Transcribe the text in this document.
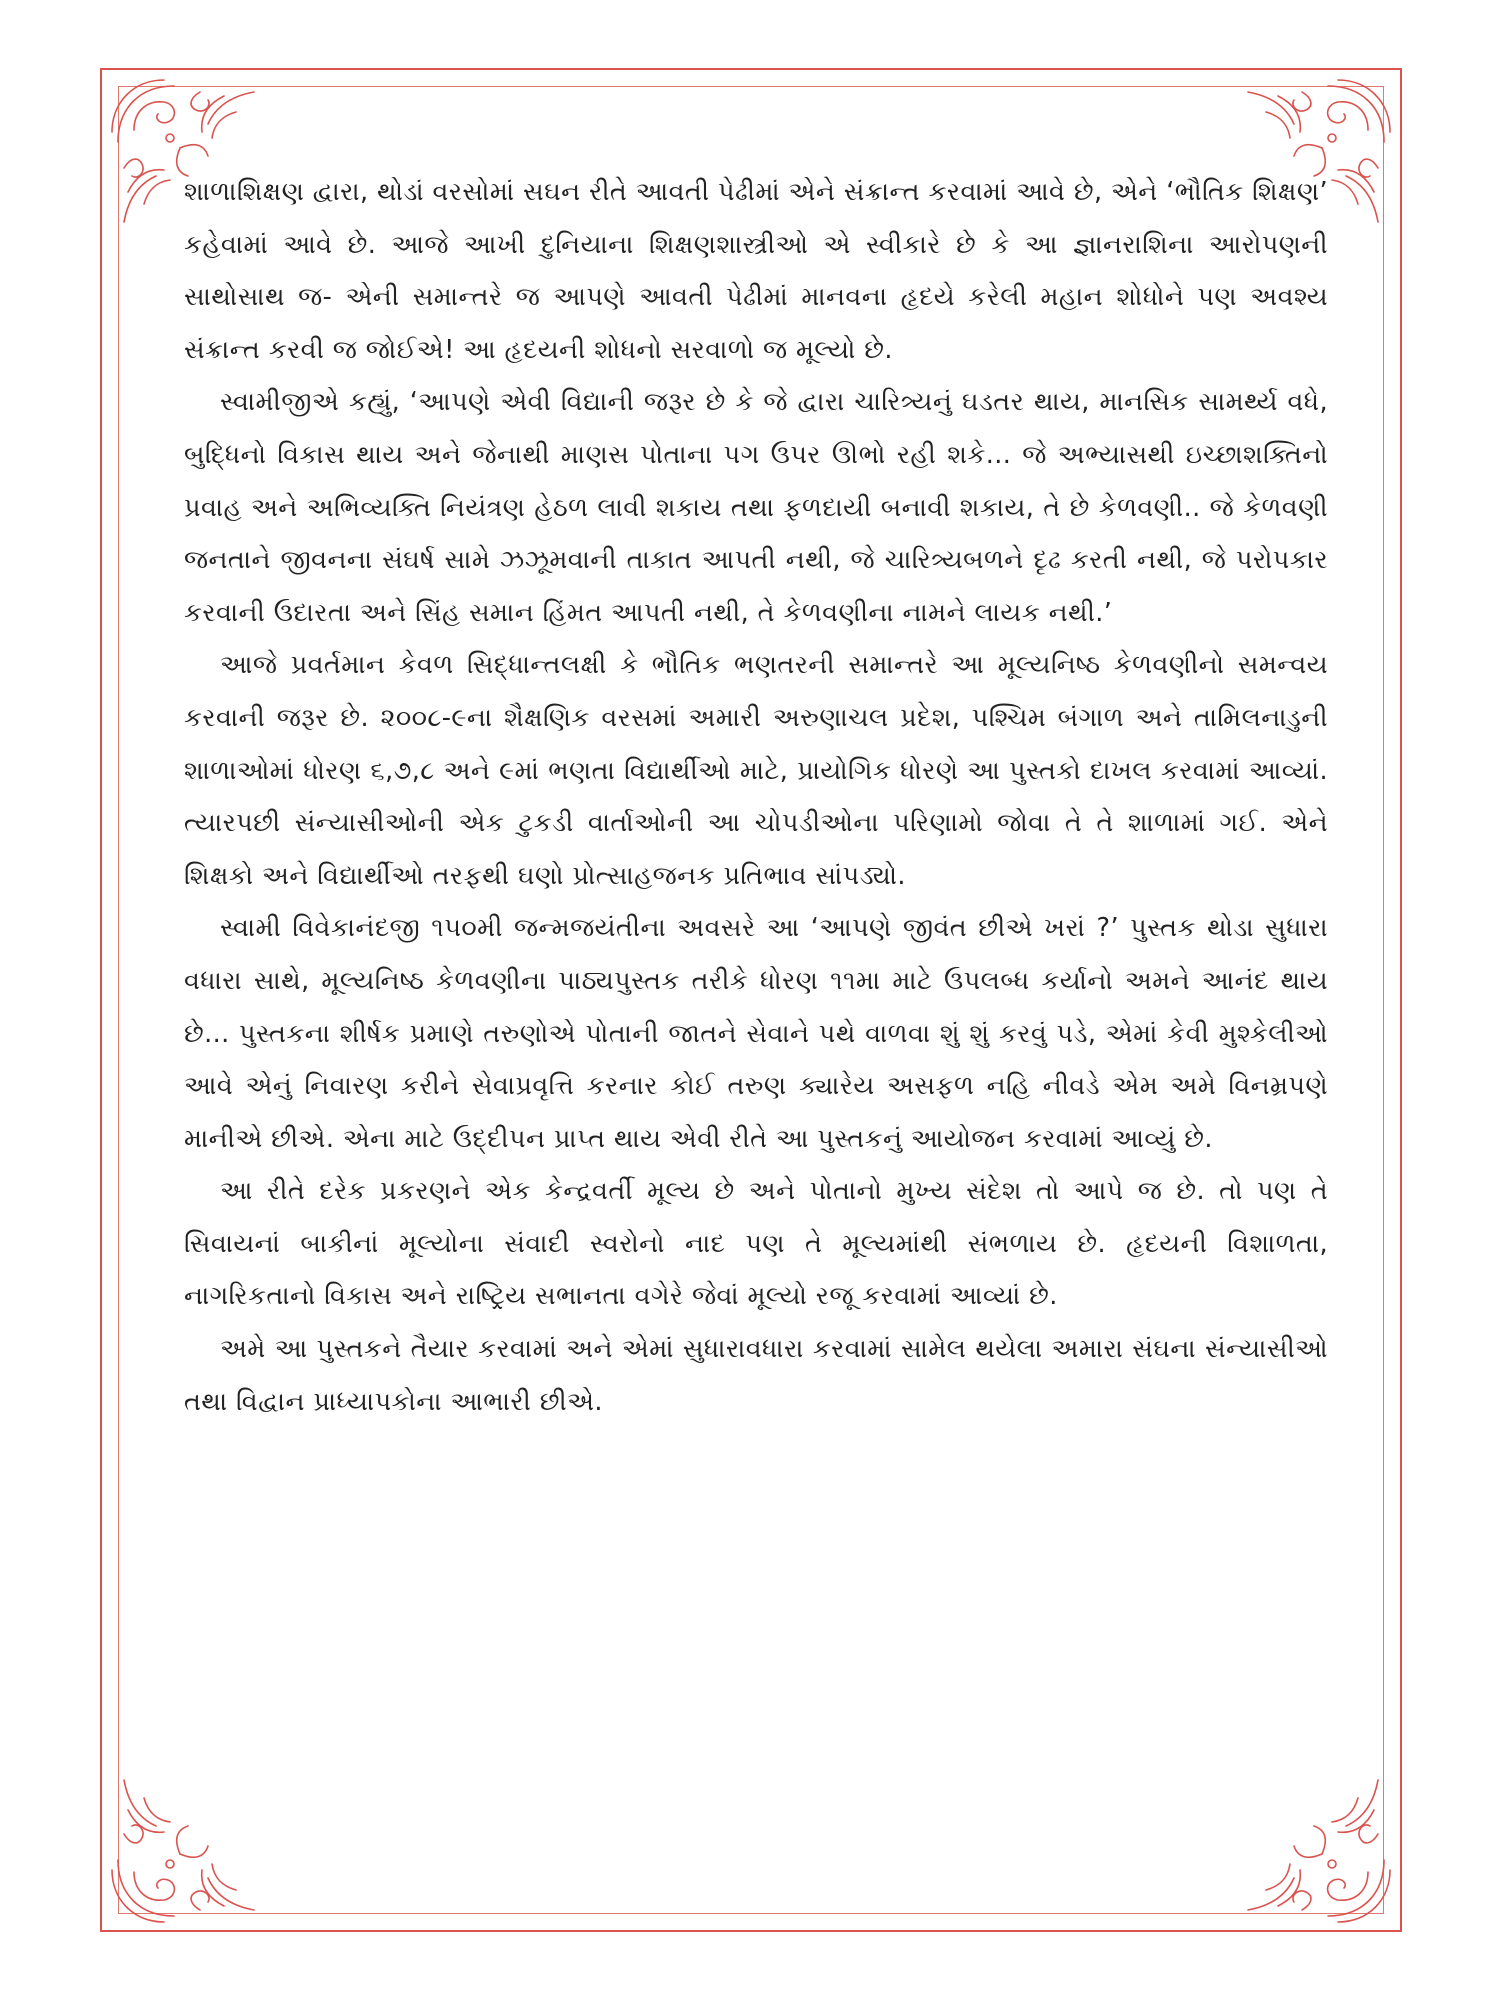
શાળાશિક્ષણ દ્વારા, થોડાં વરસોમાં સઘન રીતે આવતી પેઢીમાં એને સંક્રાન્ત કરવામાં આવે છે, એને ‘ભૌતિક શિક્ષણ’ કહેવામાં આવે છે. આજે આખી દુનિયાના શિક્ષણશાસ્ત્રીઓ એ સ્વીકારે છે કે આ જ્ઞાનરાશિના આરોપણની સાથોસાથ જ- એની સમાન્તરે જ આપણે આવતી પેઢીમાં માનવના હૃદયે કરેલી મહાન શોધોને પણ અવશ્ય સંક્રાન્ત કરવી જ જોઈએ! આ હૃદયની શોધનો સરવાળો જ મૂલ્યો છે.

સ્વામીજીએ કહ્યું, ‘આપણે એવી વિદ્યાની જરૂર છે કે જે દ્વારા ચારિત્ર્યનું ઘડતર થાય, માનસિક સામર્થ્ય વધે, બુદ્ધિનો વિકાસ થાય અને જેનાથી માણસ પોતાના પગ ઉપર ઊભો રહી શકે... જે અભ્યાસથી ઇચ્છાશક્તિનો પ્રવાહ અને અભિવ્યક્તિ નિયંત્રણ હેઠળ લાવી શકાય તથા ફળદાયી બનાવી શકાય, તે છે કેળવણી.. જે કેળવણી જનતાને જીવનના સંઘર્ષ સામે ઝઝૂમવાની તાકાત આપતી નથી, જે ચારિત્ર્યબળને દૃઢ કરતી નથી, જે પરોપકાર કરવાની ઉદારતા અને સિંહ સમાન હિંમત આપતી નથી, તે કેળવણીના નામને લાયક નથી.’

આજે પ્રવર્તમાન કેવળ સિદ્ધાન્તલક્ષી કે ભૌતિક ભણતરની સમાન્તરે આ મૂલ્યનિષ્ઠ કેળવણીનો સમન્વય કરવાની જરૂર છે. ૨૦૦૮-૯ના શૈક્ષણિક વરસમાં અમારી અરુણાચલ પ્રદેશ, પશ્ચિમ બંગાળ અને તામિલનાડુની શાળાઓમાં ધોરણ ૬,૭,૮ અને ૯માં ભણતા વિદ્યાર્થીઓ માટે, પ્રાયોગિક ધોરણે આ પુસ્તકો દાખલ કરવામાં આવ્યાં. ત્યારપછી સંન્યાસીઓની એક ટુકડી વાર્તાઓની આ ચોપડીઓના પરિણામો જોવા તે તે શાળામાં ગઈ. એને શિક્ષકો અને વિદ્યાર્થીઓ તરફથી ઘણો પ્રોત્સાહજનક પ્રતિભાવ સાંપડ્યો.

સ્વામી વિવેકાનંદજી ૧૫૦મી જન્મજયંતીના અવસરે આ ‘આપણે જીવંત છીએ ખરાં ?’ પુસ્તક થોડા સુધારા વધારા સાથે, મૂલ્યનિષ્ઠ કેળવણીના પાઠ્યપુસ્તક તરીકે ધોરણ ૧૧મા માટે ઉપલબ્ધ કર્યાનો અમને આનંદ થાય છે... પુસ્તકના શીર્ષક પ્રમાણે તરુણોએ પોતાની જાતને સેવાને પથે વાળવા શું શું કરવું પડે, એમાં કેવી મુશ્કેલીઓ આવે એનું નિવારણ કરીને સેવાપ્રવૃત્તિ કરનાર કોઈ તરુણ ક્યારેય અસફળ નહિ નીવડે એમ અમે વિનમ્રપણે માનીએ છીએ. એના માટે ઉદ્દીપન પ્રાપ્ત થાય એવી રીતે આ પુસ્તકનું આયોજન કરવામાં આવ્યું છે.

આ રીતે દરેક પ્રકરણને એક કેન્દ્રવર્તી મૂલ્ય છે અને પોતાનો મુખ્ય સંદેશ તો આપે જ છે. તો પણ તે સિવાયનાં બાકીનાં મૂલ્યોના સંવાદી સ્વરોનો નાદ પણ તે મૂલ્યમાંથી સંભળાય છે. હૃદયની વિશાળતા, નાગરિકતાનો વિકાસ અને રાષ્ટ્રિય સભાનતા વગેરે જેવાં મૂલ્યો રજૂ કરવામાં આવ્યાં છે.

અમે આ પુસ્તકને તૈયાર કરવામાં અને એમાં સુધારાવધારા કરવામાં સામેલ થયેલા અમારા સંઘના સંન્યાસીઓ તથા વિદ્વાન પ્રાધ્યાપકોના આભારી છીએ.
